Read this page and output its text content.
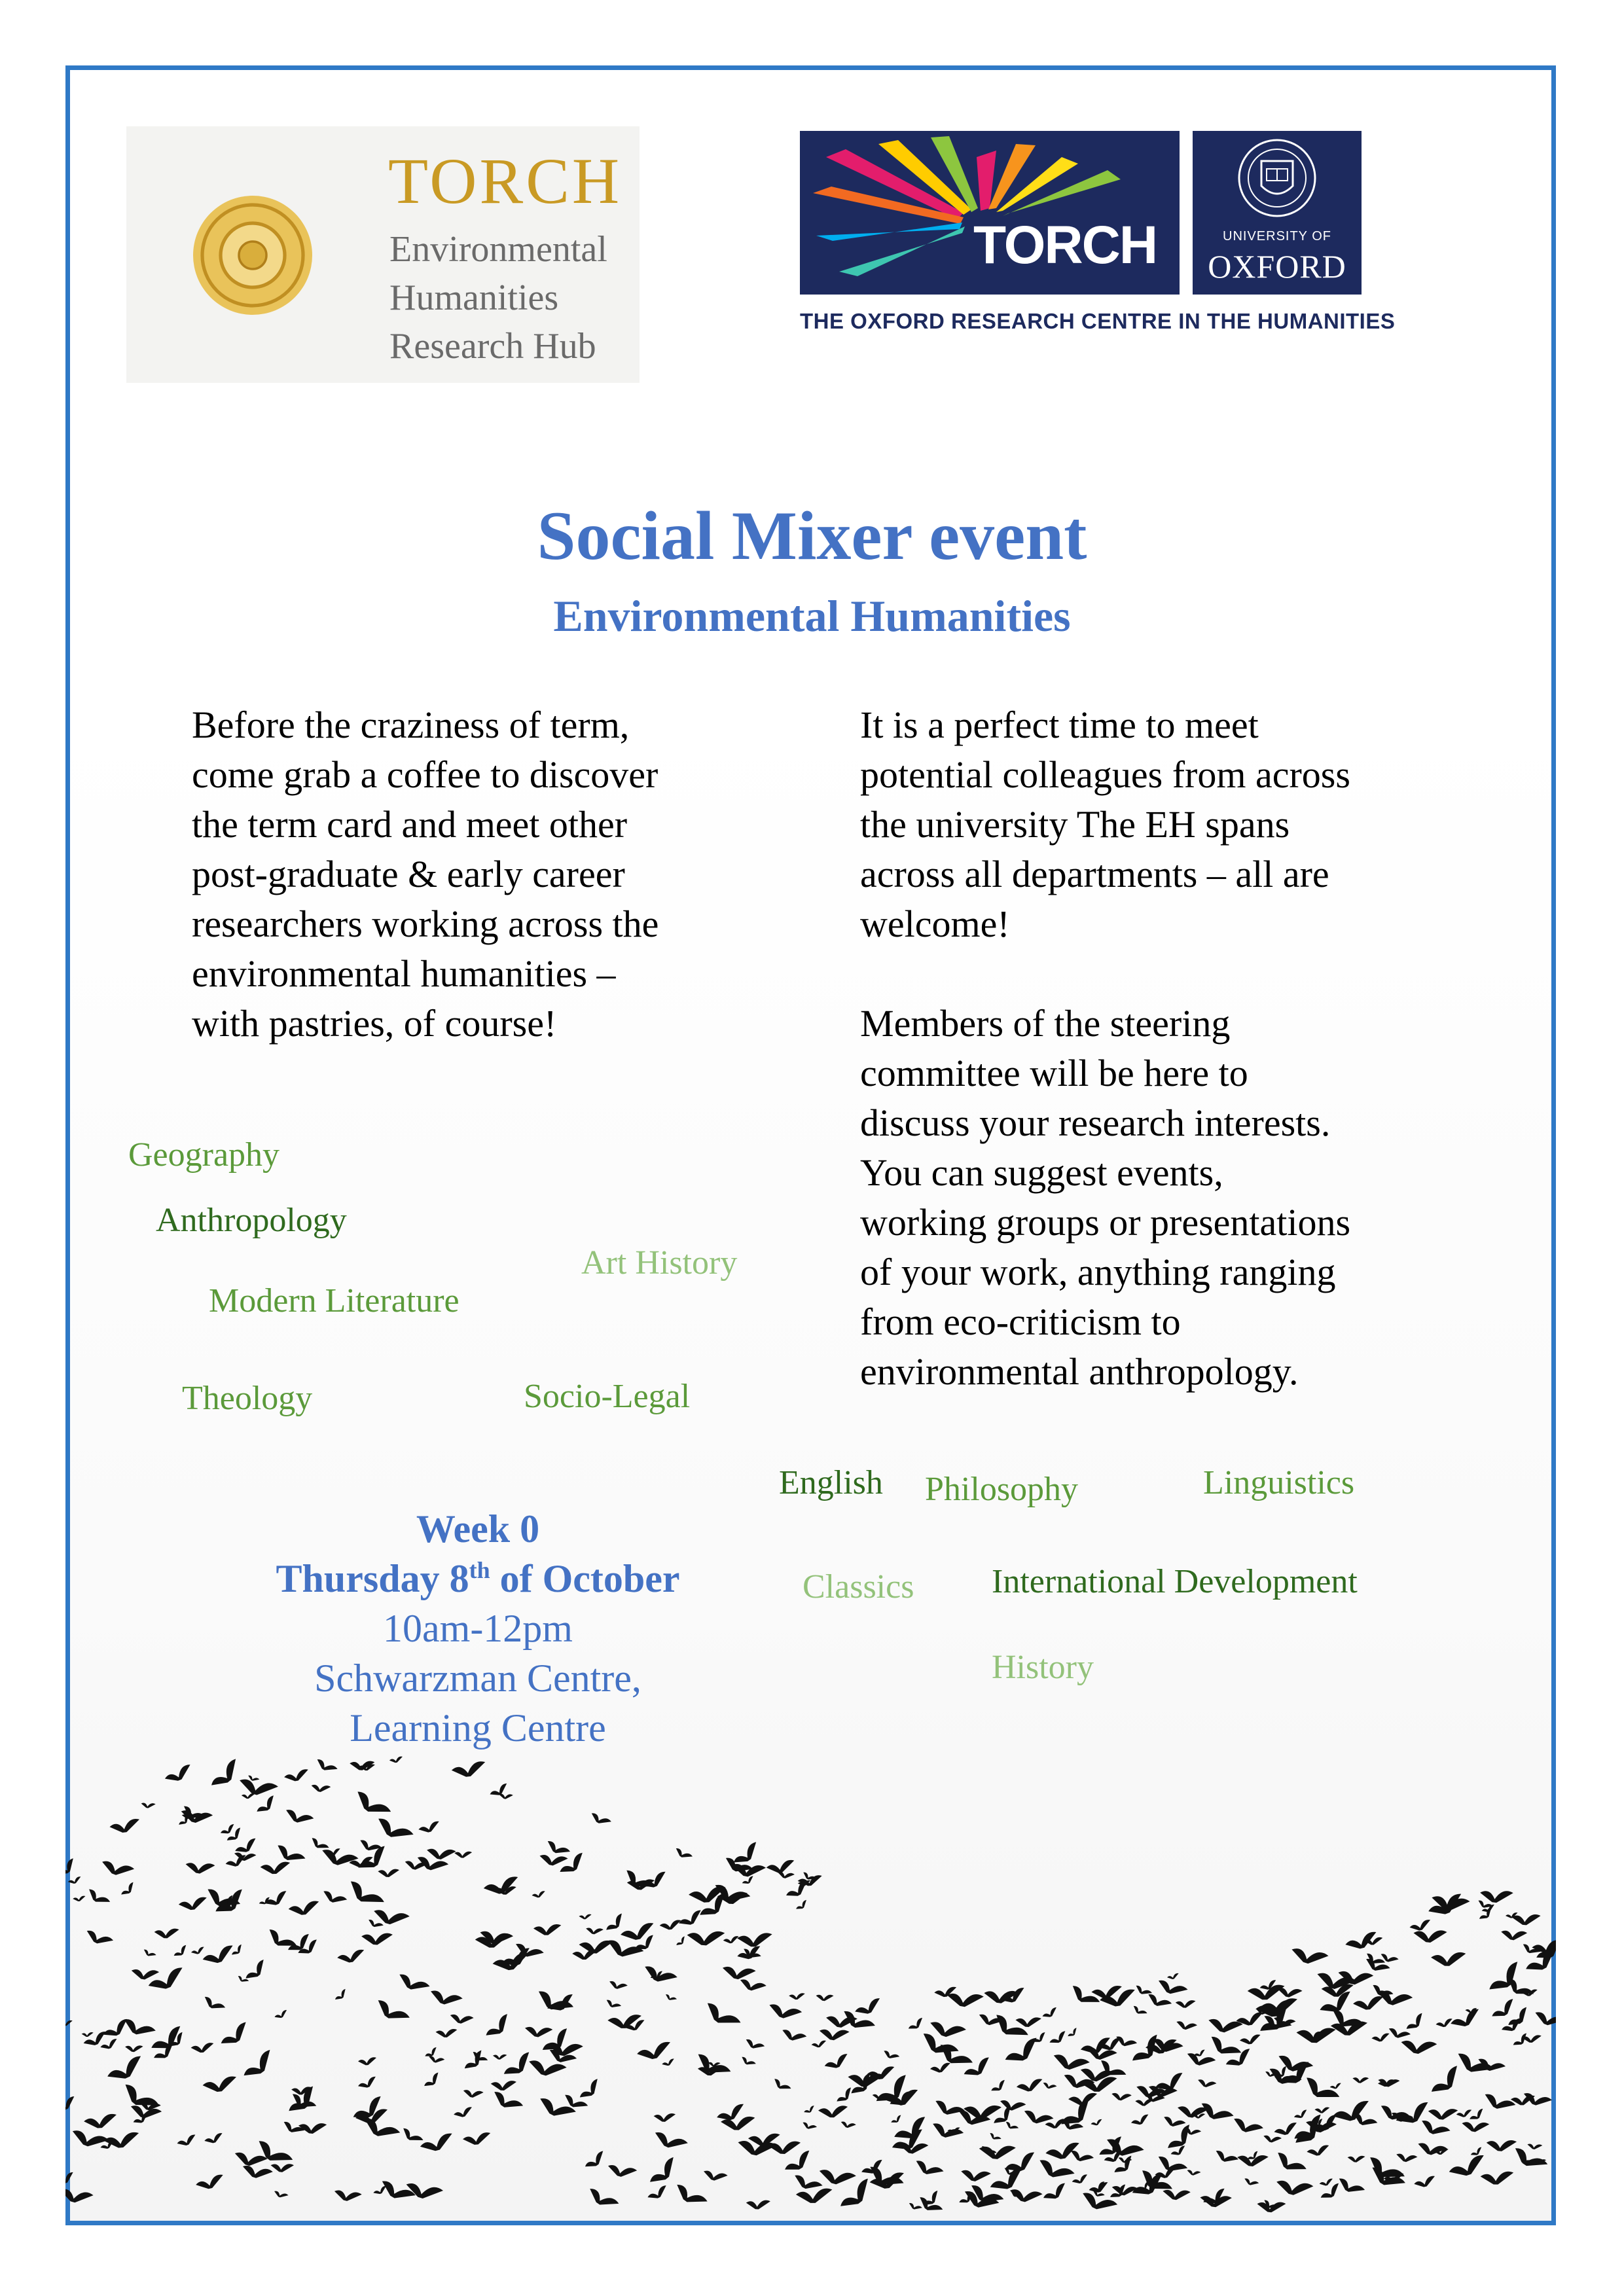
TORCH
Environmental
Humanities
Research Hub
TORCH	UNIVERSITY OF
OXFORD
THE OXFORD RESEARCH CENTRE IN THE HUMANITIES
Social Mixer event
Environmental Humanities
Before the craziness of term,
come grab a coffee to discover
the term card and meet other
post-graduate & early career
researchers working across the
environmental humanities –
with pastries, of course!
It is a perfect time to meet
potential colleagues from across
the university The EH spans
across all departments – all are
welcome!
Members of the steering
committee will be here to
discuss your research interests.
You can suggest events,
working groups or presentations
of your work, anything ranging
from eco-criticism to
environmental anthropology.
Geography
Anthropology
Art History
Modern Literature
Theology	Socio-Legal
English Philosophy	Linguistics
Classics International Development
History
Week 0
Thursday 8th of October
10am-12pm
Schwarzman Centre,
Learning Centre
